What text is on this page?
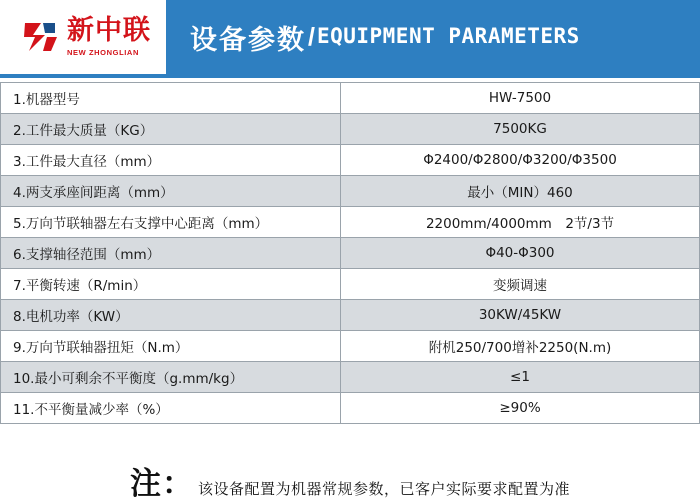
新中联
NEW ZHONGLIAN 设备参数 / EQUIPMENT PARAMETERS
1.机器型号	HW-7500
2.工件最大质量（KG）	7500KG
3.工件最大直径（mm）	Φ2400/Φ2800/Φ3200/Φ3500
4.两支承座间距离（mm）	最小（MIN）460
5.万向节联轴器左右支撑中心距离（mm）	2200mm/4000mm　2节/3节
6.支撑轴径范围（mm）	Φ40-Φ300
7.平衡转速（R/min）	变频调速
8.电机功率（KW）	30KW/45KW
9.万向节联轴器扭矩（N.m）	附机250/700增补2250(N.m)
10.最小可剩余不平衡度（g.mm/kg）	≤1
11.不平衡量减少率（%）	≥90%
注： 该设备配置为机器常规参数，已客户实际要求配置为准
